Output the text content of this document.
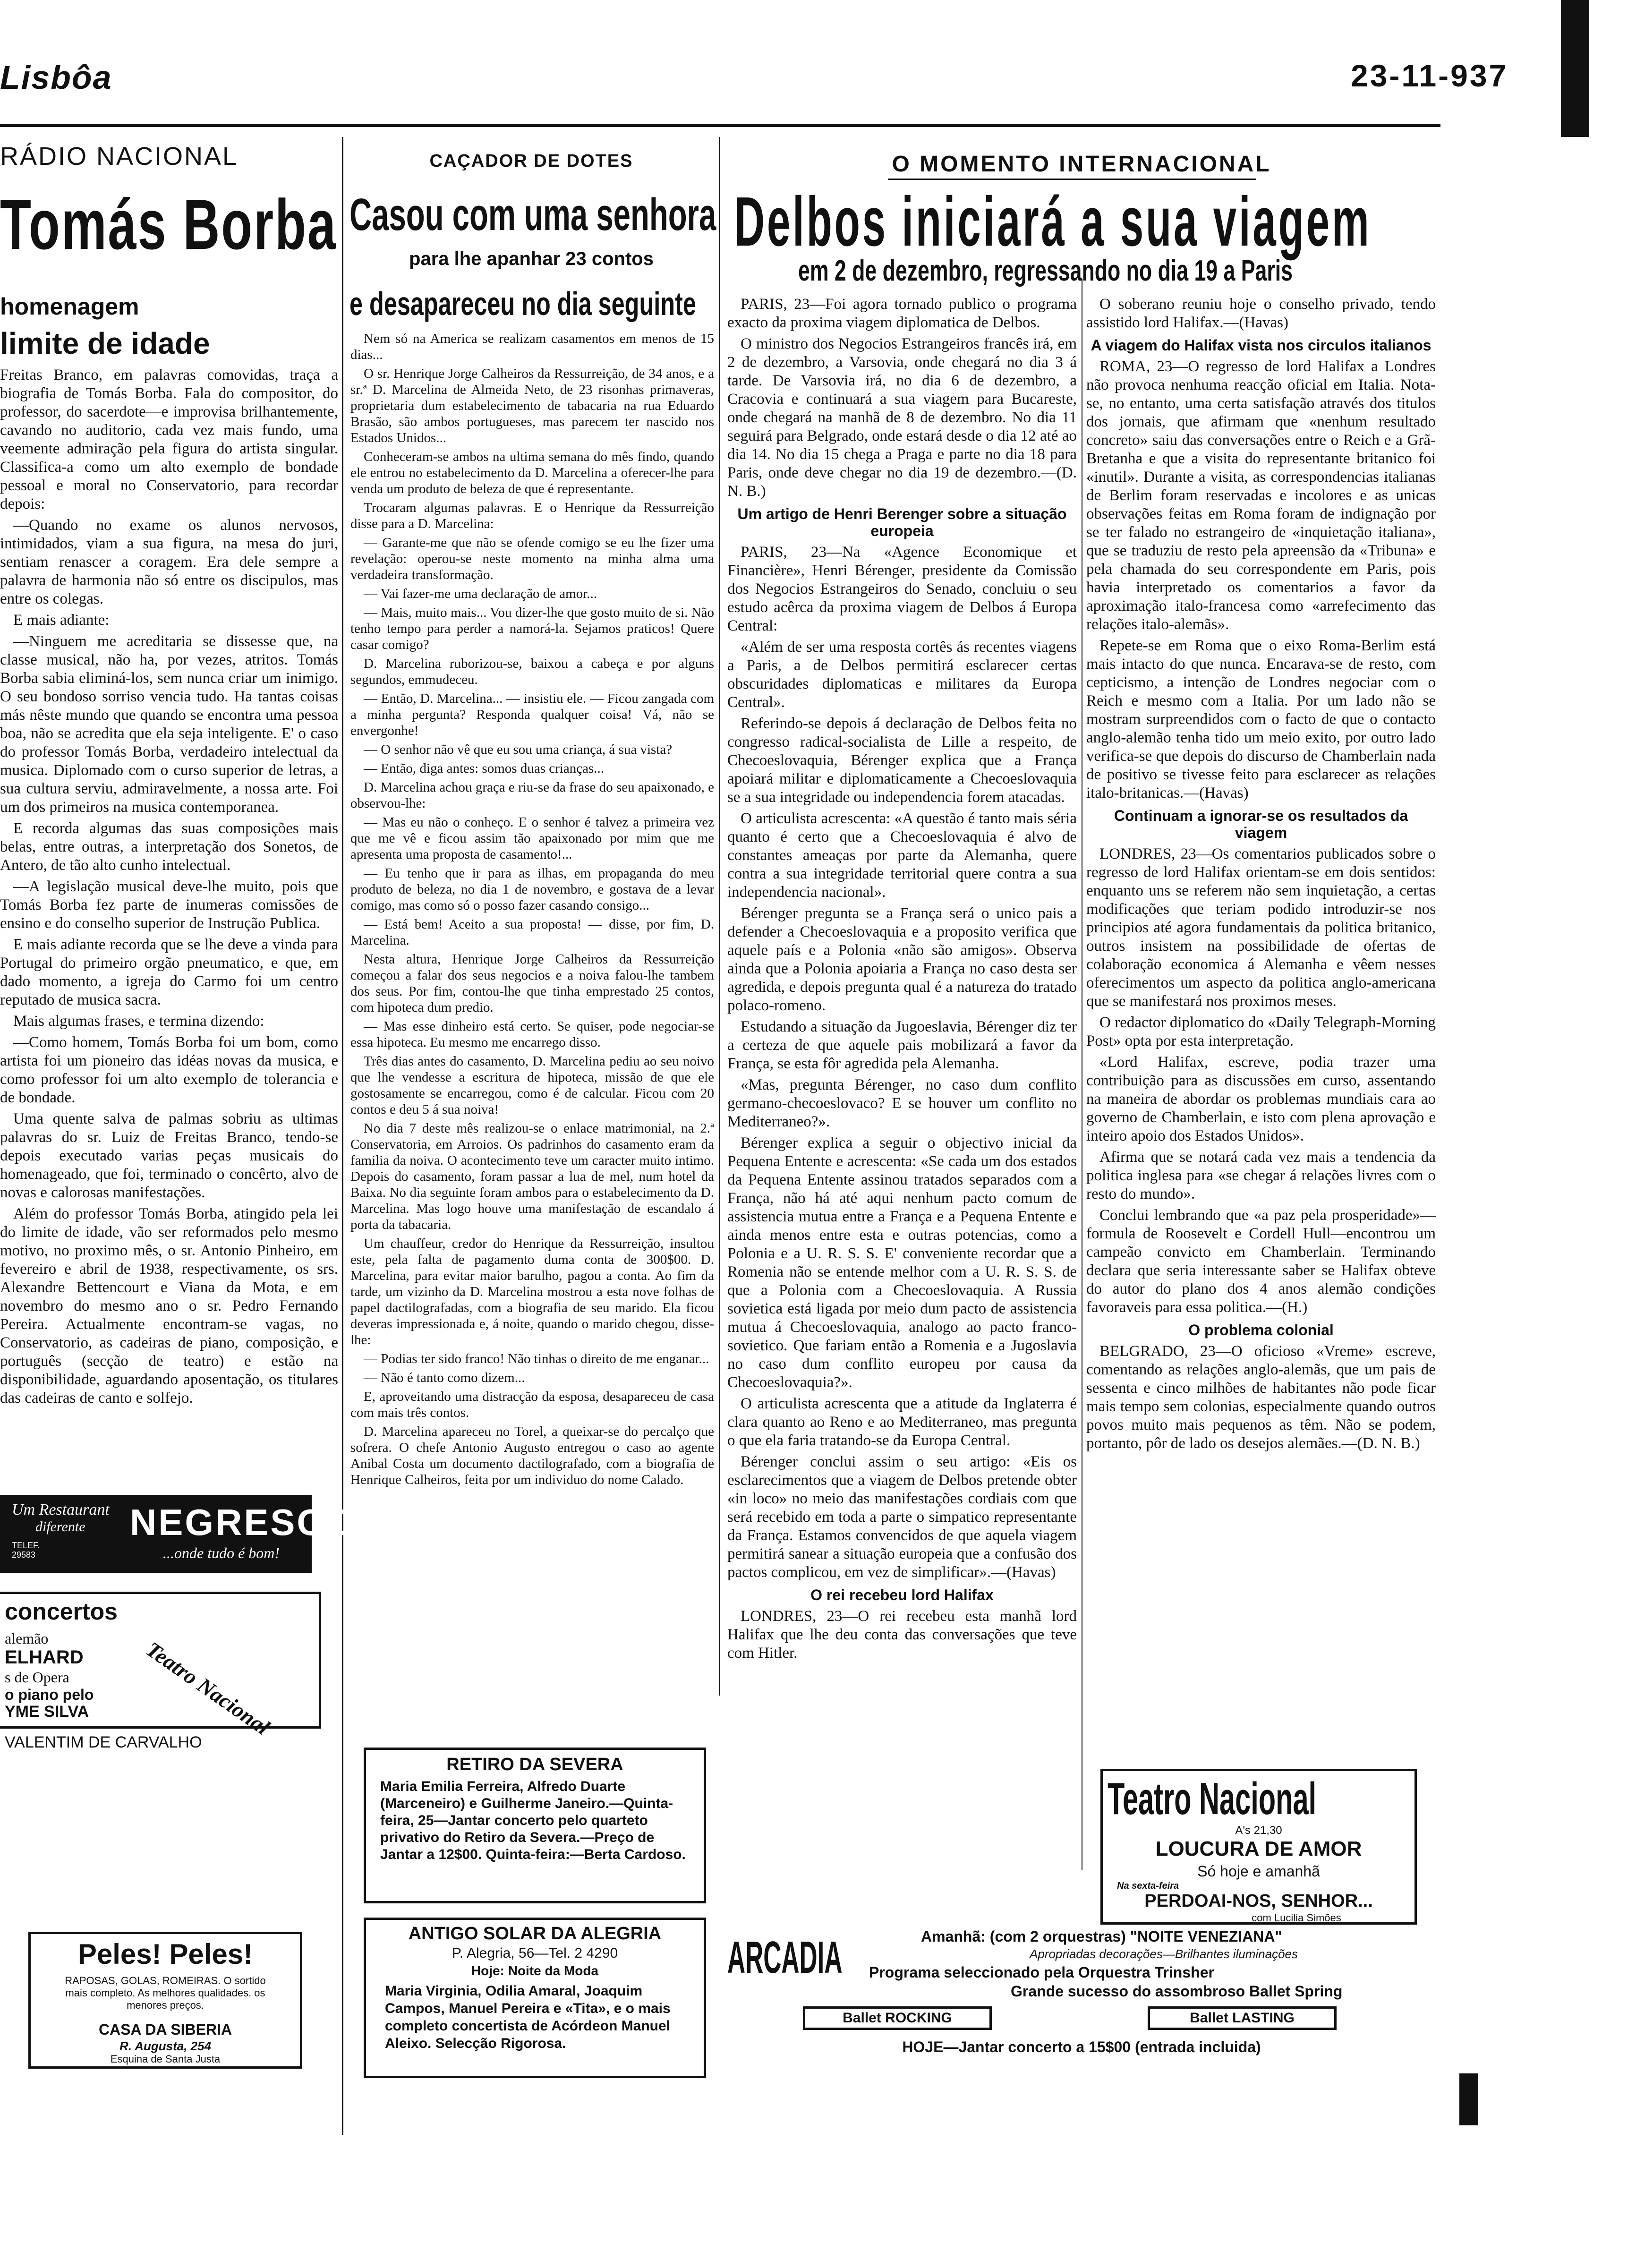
Lisbôa	23-11-937
RÁDIO NACIONAL
Tomás Borba
homenagem
limite de idade

Freitas Branco, em palavras comovidas, traça a biografia de Tomás Borba. Fala do compositor, do professor, do sacerdote—e improvisa brilhantemente, cavando no auditorio, cada vez mais fundo, uma veemente admiração pela figura do artista singular. Classifica-a como um alto exemplo de bondade pessoal e moral no Conservatorio, para recordar depois:

—Quando no exame os alunos nervosos, intimidados, viam a sua figura, na mesa do juri, sentiam renascer a coragem. Era dele sempre a palavra de harmonia não só entre os discipulos, mas entre os colegas.

E mais adiante:

—Ninguem me acreditaria se dissesse que, na classe musical, não ha, por vezes, atritos. Tomás Borba sabia eliminá-los, sem nunca criar um inimigo. O seu bondoso sorriso vencia tudo. Ha tantas coisas más nêste mundo que quando se encontra uma pessoa boa, não se acredita que ela seja inteligente. E' o caso do professor Tomás Borba, verdadeiro intelectual da musica. Diplomado com o curso superior de letras, a sua cultura serviu, admiravelmente, a nossa arte. Foi um dos primeiros na musica contemporanea.

E recorda algumas das suas composições mais belas, entre outras, a interpretação dos Sonetos, de Antero, de tão alto cunho intelectual.

—A legislação musical deve-lhe muito, pois que Tomás Borba fez parte de inumeras comissões de ensino e do conselho superior de Instrução Publica.

E mais adiante recorda que se lhe deve a vinda para Portugal do primeiro orgão pneumatico, e que, em dado momento, a igreja do Carmo foi um centro reputado de musica sacra.

Mais algumas frases, e termina dizendo:

—Como homem, Tomás Borba foi um bom, como artista foi um pioneiro das idéas novas da musica, e como professor foi um alto exemplo de tolerancia e de bondade.

Uma quente salva de palmas sobriu as ultimas palavras do sr. Luiz de Freitas Branco, tendo-se depois executado varias peças musicais do homenageado, que foi, terminado o concêrto, alvo de novas e calorosas manifestações.

Além do professor Tomás Borba, atingido pela lei do limite de idade, vão ser reformados pelo mesmo motivo, no proximo mês, o sr. Antonio Pinheiro, em fevereiro e abril de 1938, respectivamente, os srs. Alexandre Bettencourt e Viana da Mota, e em novembro do mesmo ano o sr. Pedro Fernando Pereira. Actualmente encontram-se vagas, no Conservatorio, as cadeiras de piano, composição, e português (secção de teatro) e estão na disponibilidade, aguardando aposentação, os titulares das cadeiras de canto e solfejo.

Um Restaurant
diferente
TELEF. 29583
NEGRESCO
...onde tudo é bom!
concertos
alemão
ELHARD
s de Opera
o piano pelo
YME SILVA Teatro Nacional
VALENTIM DE CARVALHO
Peles! Peles!
RAPOSAS, GOLAS, ROMEIRAS. O sortido mais completo. As melhores qualidades. os menores preços.
CASA DA SIBERIA
R. Augusta, 254
Esquina de Santa Justa
CAÇADOR DE DOTES
Casou com uma senhora
para lhe apanhar 23 contos
e desapareceu no dia seguinte

Nem só na America se realizam casamentos em menos de 15 dias...

O sr. Henrique Jorge Calheiros da Ressurreição, de 34 anos, e a sr.ª D. Marcelina de Almeida Neto, de 23 risonhas primaveras, proprietaria dum estabelecimento de tabacaria na rua Eduardo Brasão, são ambos portugueses, mas parecem ter nascido nos Estados Unidos...

Conheceram-se ambos na ultima semana do mês findo, quando ele entrou no estabelecimento da D. Marcelina a oferecer-lhe para venda um produto de beleza de que é representante.

Trocaram algumas palavras. E o Henrique da Ressurreição disse para a D. Marcelina:

— Garante-me que não se ofende comigo se eu lhe fizer uma revelação: operou-se neste momento na minha alma uma verdadeira transformação.

— Vai fazer-me uma declaração de amor...

— Mais, muito mais... Vou dizer-lhe que gosto muito de si. Não tenho tempo para perder a namorá-la. Sejamos praticos! Quere casar comigo?

D. Marcelina ruborizou-se, baixou a cabeça e por alguns segundos, emmudeceu.

— Então, D. Marcelina... — insistiu ele. — Ficou zangada com a minha pergunta? Responda qualquer coisa! Vá, não se envergonhe!

— O senhor não vê que eu sou uma criança, á sua vista?

— Então, diga antes: somos duas crianças...

D. Marcelina achou graça e riu-se da frase do seu apaixonado, e observou-lhe:

— Mas eu não o conheço. E o senhor é talvez a primeira vez que me vê e ficou assim tão apaixonado por mim que me apresenta uma proposta de casamento!...

— Eu tenho que ir para as ilhas, em propaganda do meu produto de beleza, no dia 1 de novembro, e gostava de a levar comigo, mas como só o posso fazer casando consigo...

— Está bem! Aceito a sua proposta! — disse, por fim, D. Marcelina.

Nesta altura, Henrique Jorge Calheiros da Ressurreição começou a falar dos seus negocios e a noiva falou-lhe tambem dos seus. Por fim, contou-lhe que tinha emprestado 25 contos, com hipoteca dum predio.

— Mas esse dinheiro está certo. Se quiser, pode negociar-se essa hipoteca. Eu mesmo me encarrego disso.

Três dias antes do casamento, D. Marcelina pediu ao seu noivo que lhe vendesse a escritura de hipoteca, missão de que ele gostosamente se encarregou, como é de calcular. Ficou com 20 contos e deu 5 á sua noiva!

No dia 7 deste mês realizou-se o enlace matrimonial, na 2.ª Conservatoria, em Arroios. Os padrinhos do casamento eram da familia da noiva. O acontecimento teve um caracter muito intimo. Depois do casamento, foram passar a lua de mel, num hotel da Baixa. No dia seguinte foram ambos para o estabelecimento da D. Marcelina. Mas logo houve uma manifestação de escandalo á porta da tabacaria.

Um chauffeur, credor do Henrique da Ressurreição, insultou este, pela falta de pagamento duma conta de 300$00. D. Marcelina, para evitar maior barulho, pagou a conta. Ao fim da tarde, um vizinho da D. Marcelina mostrou a esta nove folhas de papel dactilografadas, com a biografia de seu marido. Ela ficou deveras impressionada e, á noite, quando o marido chegou, disse-lhe:

— Podias ter sido franco! Não tinhas o direito de me enganar...

— Não é tanto como dizem...

E, aproveitando uma distracção da esposa, desapareceu de casa com mais três contos.

D. Marcelina apareceu no Torel, a queixar-se do percalço que sofrera. O chefe Antonio Augusto entregou o caso ao agente Anibal Costa um documento dactilografado, com a biografia de Henrique Calheiros, feita por um individuo do nome Calado.

RETIRO DA SEVERA
Maria Emilia Ferreira, Alfredo Duarte (Marceneiro) e Guilherme Janeiro.—Quinta-feira, 25—Jantar concerto pelo quarteto privativo do Retiro da Severa.—Preço de Jantar a 12$00. Quinta-feira:—Berta Cardoso.
ANTIGO SOLAR DA ALEGRIA
P. Alegria, 56—Tel. 2 4290
Hoje: Noite da Moda
Maria Virginia, Odilia Amaral, Joaquim Campos, Manuel Pereira e «Tita», e o mais completo concertista de Acórdeon Manuel Aleixo. Selecção Rigorosa.
O MOMENTO INTERNACIONAL
Delbos iniciará a sua viagem
em 2 de dezembro, regressando no dia 19 a Paris

PARIS, 23—Foi agora tornado publico o programa exacto da proxima viagem diplomatica de Delbos.

O ministro dos Negocios Estrangeiros francês irá, em 2 de dezembro, a Varsovia, onde chegará no dia 3 á tarde. De Varsovia irá, no dia 6 de dezembro, a Cracovia e continuará a sua viagem para Bucareste, onde chegará na manhã de 8 de dezembro. No dia 11 seguirá para Belgrado, onde estará desde o dia 12 até ao dia 14. No dia 15 chega a Praga e parte no dia 18 para Paris, onde deve chegar no dia 19 de dezembro.—(D. N. B.)

Um artigo de Henri Berenger sobre a situação europeia

PARIS, 23—Na «Agence Economique et Financière», Henri Bérenger, presidente da Comissão dos Negocios Estrangeiros do Senado, concluiu o seu estudo acêrca da proxima viagem de Delbos á Europa Central:

«Além de ser uma resposta cortês ás recentes viagens a Paris, a de Delbos permitirá esclarecer certas obscuridades diplomaticas e militares da Europa Central».

Referindo-se depois á declaração de Delbos feita no congresso radical-socialista de Lille a respeito, de Checoeslovaquia, Bérenger explica que a França apoiará militar e diplomaticamente a Checoeslovaquia se a sua integridade ou independencia forem atacadas.

O articulista acrescenta: «A questão é tanto mais séria quanto é certo que a Checoeslovaquia é alvo de constantes ameaças por parte da Alemanha, quere contra a sua integridade territorial quere contra a sua independencia nacional».

Bérenger pregunta se a França será o unico pais a defender a Checoeslovaquia e a proposito verifica que aquele país e a Polonia «não são amigos». Observa ainda que a Polonia apoiaria a França no caso desta ser agredida, e depois pregunta qual é a natureza do tratado polaco-romeno.

Estudando a situação da Jugoeslavia, Bérenger diz ter a certeza de que aquele pais mobilizará a favor da França, se esta fôr agredida pela Alemanha.

«Mas, pregunta Bérenger, no caso dum conflito germano-checoeslovaco? E se houver um conflito no Mediterraneo?».

Bérenger explica a seguir o objectivo inicial da Pequena Entente e acrescenta: «Se cada um dos estados da Pequena Entente assinou tratados separados com a França, não há até aqui nenhum pacto comum de assistencia mutua entre a França e a Pequena Entente e ainda menos entre esta e outras potencias, como a Polonia e a U. R. S. S. E' conveniente recordar que a Romenia não se entende melhor com a U. R. S. S. de que a Polonia com a Checoeslovaquia. A Russia sovietica está ligada por meio dum pacto de assistencia mutua á Checoeslovaquia, analogo ao pacto franco-sovietico. Que fariam então a Romenia e a Jugoslavia no caso dum conflito europeu por causa da Checoeslovaquia?».

O articulista acrescenta que a atitude da Inglaterra é clara quanto ao Reno e ao Mediterraneo, mas pregunta o que ela faria tratando-se da Europa Central.

Bérenger conclui assim o seu artigo: «Eis os esclarecimentos que a viagem de Delbos pretende obter «in loco» no meio das manifestações cordiais com que será recebido em toda a parte o simpatico representante da França. Estamos convencidos de que aquela viagem permitirá sanear a situação europeia que a confusão dos pactos complicou, em vez de simplificar».—(Havas)

O rei recebeu lord Halifax

LONDRES, 23—O rei recebeu esta manhã lord Halifax que lhe deu conta das conversações que teve com Hitler.

O soberano reuniu hoje o conselho privado, tendo assistido lord Halifax.—(Havas)

A viagem do Halifax vista nos circulos italianos

ROMA, 23—O regresso de lord Halifax a Londres não provoca nenhuma reacção oficial em Italia. Nota-se, no entanto, uma certa satisfação através dos titulos dos jornais, que afirmam que «nenhum resultado concreto» saiu das conversações entre o Reich e a Grã-Bretanha e que a visita do representante britanico foi «inutil». Durante a visita, as correspondencias italianas de Berlim foram reservadas e incolores e as unicas observações feitas em Roma foram de indignação por se ter falado no estrangeiro de «inquietação italiana», que se traduziu de resto pela apreensão da «Tribuna» e pela chamada do seu correspondente em Paris, pois havia interpretado os comentarios a favor da aproximação italo-francesa como «arrefecimento das relações italo-alemãs».

Repete-se em Roma que o eixo Roma-Berlim está mais intacto do que nunca. Encarava-se de resto, com cepticismo, a intenção de Londres negociar com o Reich e mesmo com a Italia. Por um lado não se mostram surpreendidos com o facto de que o contacto anglo-alemão tenha tido um meio exito, por outro lado verifica-se que depois do discurso de Chamberlain nada de positivo se tivesse feito para esclarecer as relações italo-britanicas.—(Havas)

Continuam a ignorar-se os resultados da viagem

LONDRES, 23—Os comentarios publicados sobre o regresso de lord Halifax orientam-se em dois sentidos: enquanto uns se referem não sem inquietação, a certas modificações que teriam podido introduzir-se nos principios até agora fundamentais da politica britanico, outros insistem na possibilidade de ofertas de colaboração economica á Alemanha e vêem nesses oferecimentos um aspecto da politica anglo-americana que se manifestará nos proximos meses.

O redactor diplomatico do «Daily Telegraph-Morning Post» opta por esta interpretação.

«Lord Halifax, escreve, podia trazer uma contribuição para as discussões em curso, assentando na maneira de abordar os problemas mundiais cara ao governo de Chamberlain, e isto com plena aprovação e inteiro apoio dos Estados Unidos».

Afirma que se notará cada vez mais a tendencia da politica inglesa para «se chegar á relações livres com o resto do mundo».

Conclui lembrando que «a paz pela prosperidade»—formula de Roosevelt e Cordell Hull—encontrou um campeão convicto em Chamberlain. Terminando declara que seria interessante saber se Halifax obteve do autor do plano dos 4 anos alemão condições favoraveis para essa politica.—(H.)

O problema colonial

BELGRADO, 23—O oficioso «Vreme» escreve, comentando as relações anglo-alemãs, que um pais de sessenta e cinco milhões de habitantes não pode ficar mais tempo sem colonias, especialmente quando outros povos muito mais pequenos as têm. Não se podem, portanto, pôr de lado os desejos alemães.—(D. N. B.)

Teatro Nacional
A's 21,30
LOUCURA DE AMOR
Só hoje e amanhã
Na sexta-feira
PERDOAI-NOS, SENHOR...
com Lucilia Simões
ARCADIA	Amanhã: (com 2 orquestras) "NOITE VENEZIANA"
Apropriadas decorações—Brilhantes iluminações
Programa seleccionado pela Orquestra Trinsher
Grande sucesso do assombroso Ballet Spring
Ballet ROCKING	Ballet LASTING
HOJE—Jantar concerto a 15$00 (entrada incluida)
